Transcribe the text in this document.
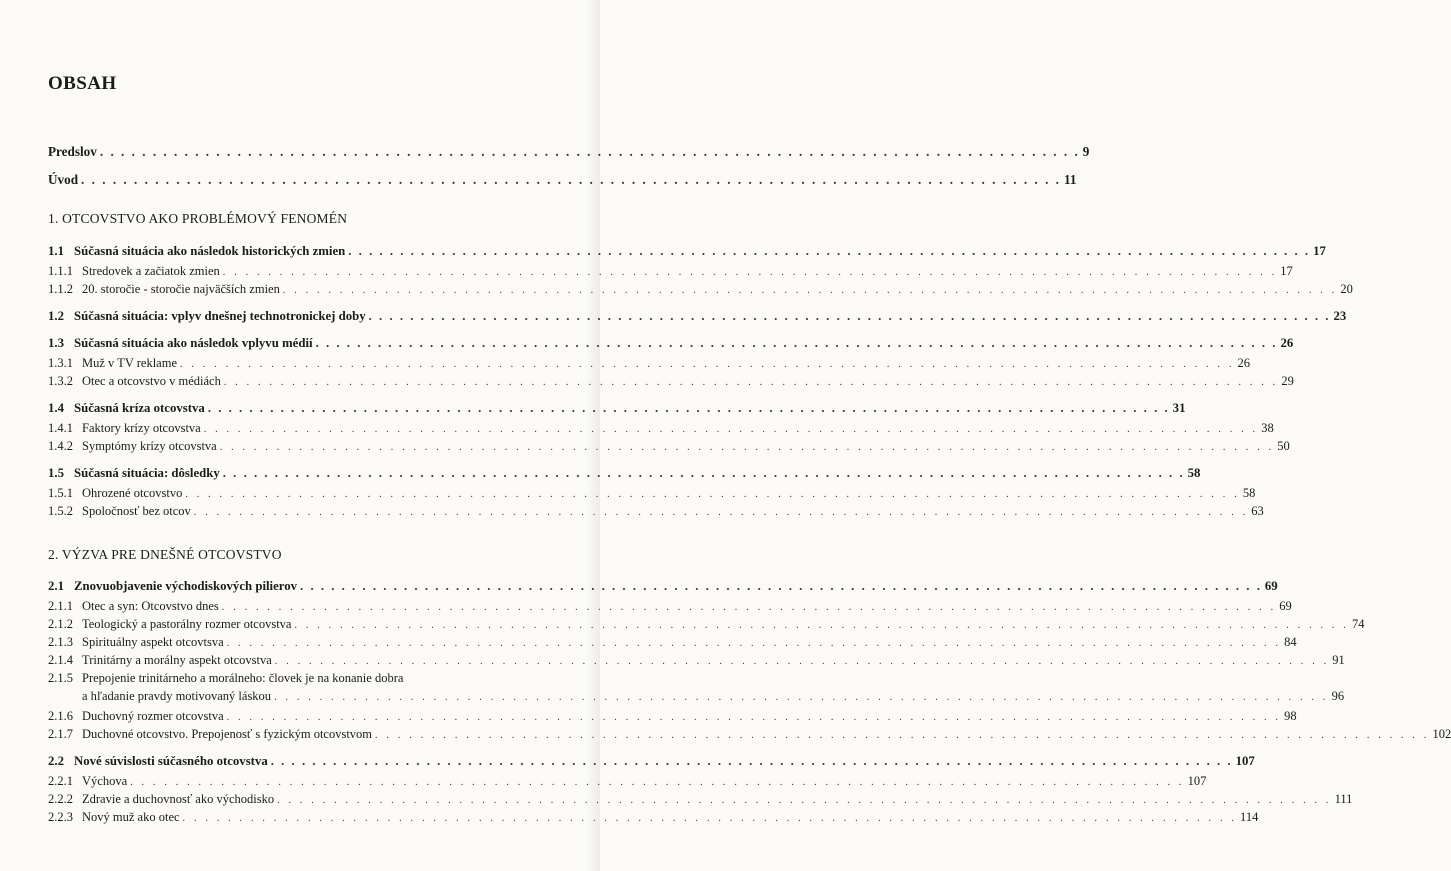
OBSAH
Predslov . . .	9
Úvod . . .	11
1. OTCOVSTVO AKO PROBLÉMOVÝ FENOMÉN
1.1 Súčasná situácia ako následok historických zmien . . .	17
1.1.1 Stredovek a začiatok zmien . . .	17
1.1.2 20. storočie - storočie najväčších zmien . . .	20
1.2 Súčasná situácia: vplyv dnešnej technotronickej doby . . .	23
1.3 Súčasná situácia ako následok vplyvu médií . . .	26
1.3.1 Muž v TV reklame . . .	26
1.3.2 Otec a otcovstvo v médiách . . .	29
1.4 Súčasná kríza otcovstva . . .	31
1.4.1 Faktory krízy otcovstva . . .	38
1.4.2 Symptómy krízy otcovstva . . .	50
1.5 Súčasná situácia: dôsledky . . .	58
1.5.1 Ohrozené otcovstvo . . .	58
1.5.2 Spoločnosť bez otcov . . .	63
2. VÝZVA PRE DNEŠNÉ OTCOVSTVO
2.1 Znovuobjavenie východiskových pilierov . . .	69
2.1.1 Otec a syn: Otcovstvo dnes . . .	69
2.1.2 Teologický a pastorálny rozmer otcovstva . . .	74
2.1.3 Spirituálny aspekt otcovtsva . . .	84
2.1.4 Trinitárny a morálny aspekt otcovstva . . .	91
2.1.5 Prepojenie trinitárneho a morálneho: človek je na konanie dobra
a hľadanie pravdy motivovaný láskou . . .	96
2.1.6 Duchovný rozmer otcovstva . . .	98
2.1.7 Duchovné otcovstvo. Prepojenosť s fyzickým otcovstvom . . .	102
2.2 Nové súvislosti súčasného otcovstva . . .	107
2.2.1 Výchova . . .	107
2.2.2 Zdravie a duchovnosť ako východisko . . .	111
2.2.3 Nový muž ako otec . . .	114
